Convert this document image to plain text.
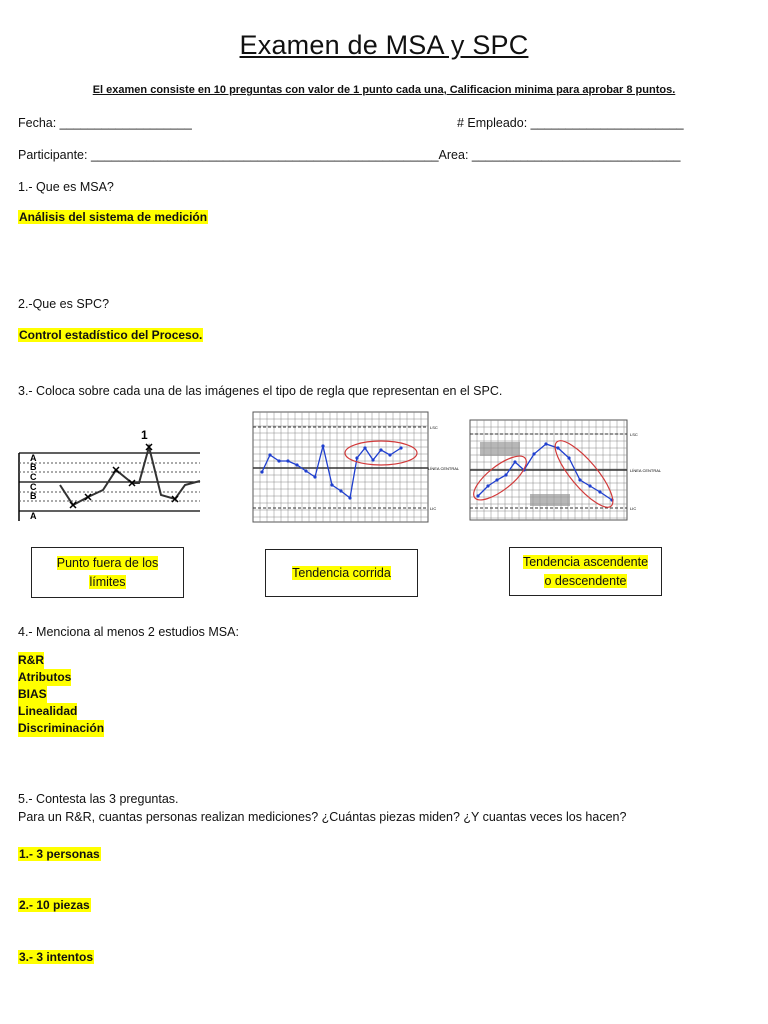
Examen de MSA y SPC
El examen consiste en 10 preguntas con valor de 1 punto cada una, Calificacion minima para aprobar 8 puntos.
Fecha: ___________________	# Empleado: ______________________
Participante: __________________________________________________Area: ______________________________
1.- Que es MSA?
Análisis del sistema de medición
2.-Que es SPC?
Control estadístico del Proceso.
3.- Coloca sobre cada una de las imágenes el tipo de regla que representan en el SPC.
A
B
C
C
B
A
1
LSC
LÍNEA CENTRAL
LIC
LSC
LÍNEA CENTRAL
LIC
Punto fuera de los
límites
Tendencia corrida
Tendencia ascendente
o descendente
4.- Menciona al menos 2 estudios MSA:
R&R
Atributos
BIAS
Linealidad
Discriminación
5.- Contesta las 3 preguntas.
Para un R&R, cuantas personas realizan mediciones? ¿Cuántas piezas miden? ¿Y cuantas veces los hacen?
1.- 3 personas
2.- 10 piezas
3.- 3 intentos
